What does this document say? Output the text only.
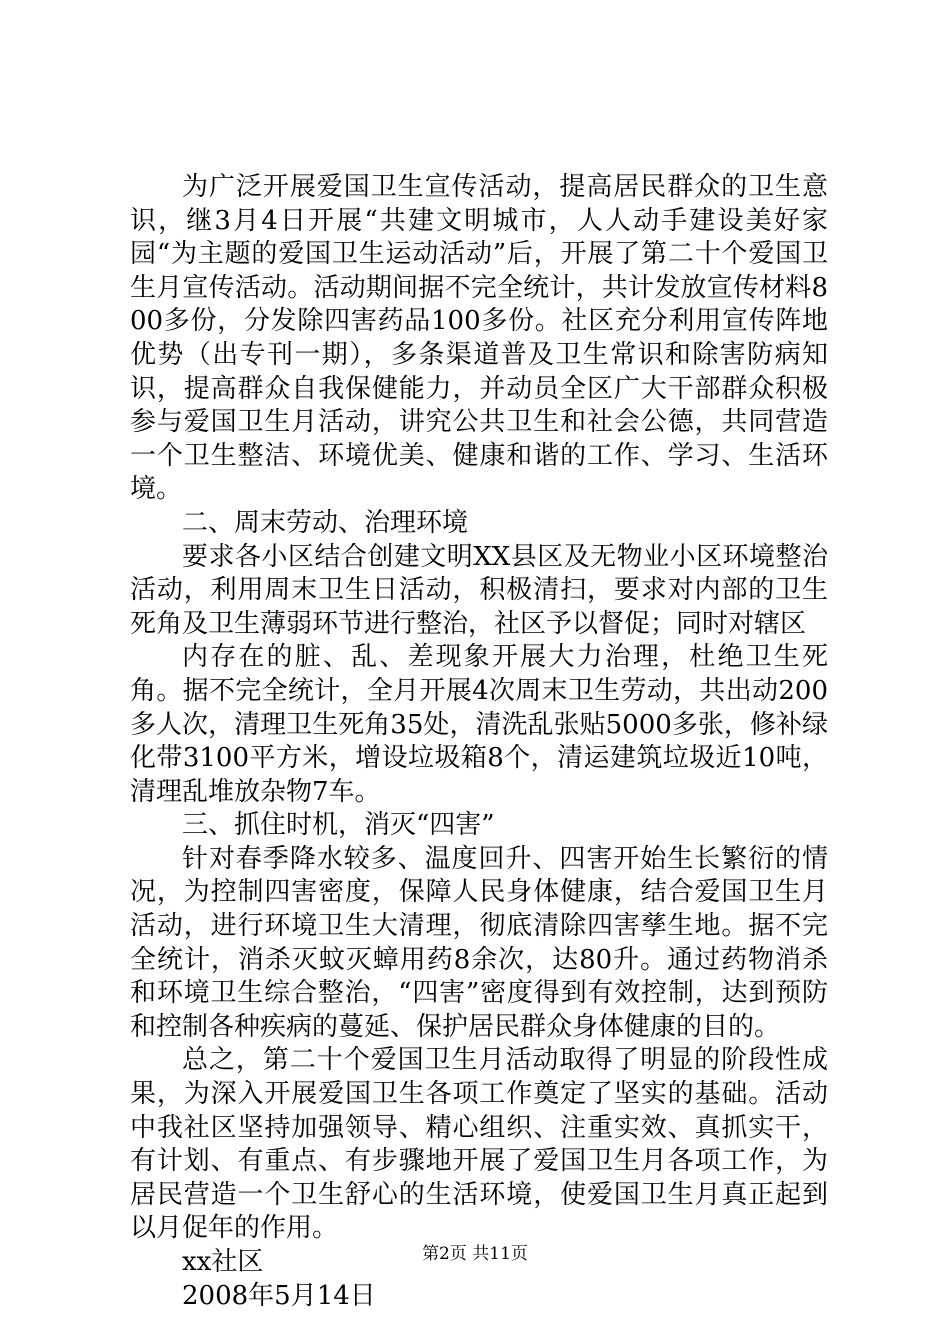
为广泛开展爱国卫生宣传活动，提高居民群众的卫生意识，继3月4日开展“共建文明城市，人人动手建设美好家园“为主题的爱国卫生运动活动”后，开展了第二十个爱国卫生月宣传活动。活动期间据不完全统计，共计发放宣传材料800多份，分发除四害药品100多份。社区充分利用宣传阵地优势（出专刊一期），多条渠道普及卫生常识和除害防病知识，提高群众自我保健能力，并动员全区广大干部群众积极参与爱国卫生月活动，讲究公共卫生和社会公德，共同营造一个卫生整洁、环境优美、健康和谐的工作、学习、生活环境。

二、周末劳动、治理环境

要求各小区结合创建文明XX县区及无物业小区环境整治活动，利用周末卫生日活动，积极清扫，要求对内部的卫生死角及卫生薄弱环节进行整治，社区予以督促；同时对辖区

内存在的脏、乱、差现象开展大力治理，杜绝卫生死角。据不完全统计，全月开展4次周末卫生劳动，共出动200多人次，清理卫生死角35处，清洗乱张贴5000多张，修补绿化带3100平方米，增设垃圾箱8个，清运建筑垃圾近10吨，清理乱堆放杂物7车。

三、抓住时机，消灭“四害”

针对春季降水较多、温度回升、四害开始生长繁衍的情况，为控制四害密度，保障人民身体健康，结合爱国卫生月活动，进行环境卫生大清理，彻底清除四害孳生地。据不完全统计，消杀灭蚊灭蟑用药8余次，达80升。通过药物消杀和环境卫生综合整治，“四害”密度得到有效控制，达到预防和控制各种疾病的蔓延、保护居民群众身体健康的目的。

总之，第二十个爱国卫生月活动取得了明显的阶段性成果，为深入开展爱国卫生各项工作奠定了坚实的基础。活动中我社区坚持加强领导、精心组织、注重实效、真抓实干，有计划、有重点、有步骤地开展了爱国卫生月各项工作，为居民营造一个卫生舒心的生活环境，使爱国卫生月真正起到以月促年的作用。

xx社区

2008年5月14日

第2页 共11页
